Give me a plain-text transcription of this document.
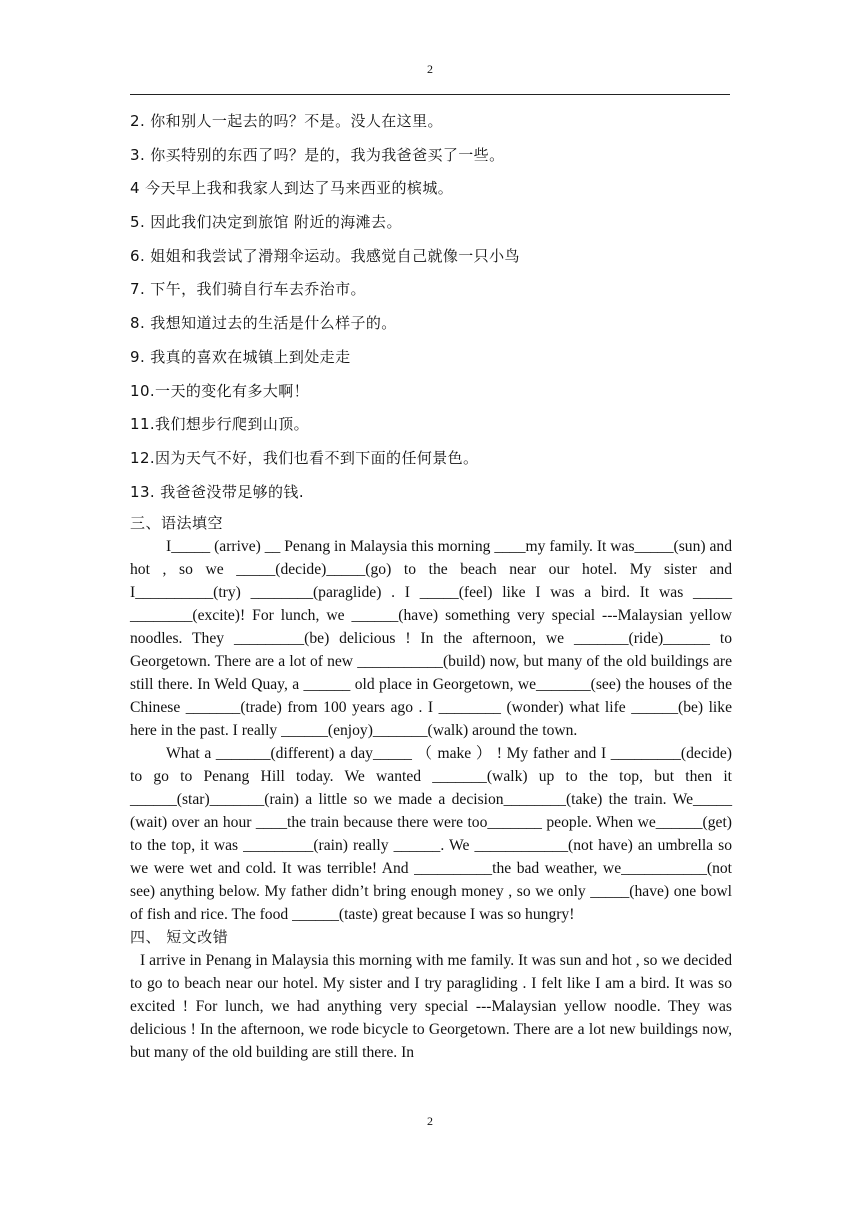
2
2. 你和别人一起去的吗？不是。没人在这里。
3. 你买特别的东西了吗？是的，我为我爸爸买了一些。
4 今天早上我和我家人到达了马来西亚的槟城。
5. 因此我们决定到旅馆 附近的海滩去。
6. 姐姐和我尝试了滑翔伞运动。我感觉自己就像一只小鸟
7. 下午，我们骑自行车去乔治市。
8. 我想知道过去的生活是什么样子的。
9. 我真的喜欢在城镇上到处走走
10.一天的变化有多大啊！
11.我们想步行爬到山顶。
12.因为天气不好，我们也看不到下面的任何景色。
13. 我爸爸没带足够的钱.
三、语法填空

I_____ (arrive) __ Penang in Malaysia this morning ____my family. It was_____(sun) and hot , so we _____(decide)_____(go) to the beach near our hotel. My sister and I__________(try) ________(paraglide) . I _____(feel) like I was a bird. It was _____ ________(excite)! For lunch, we ______(have) something very special ---Malaysian yellow noodles. They _________(be) delicious ! In the afternoon, we _______(ride)______ to Georgetown. There are a lot of new ___________(build) now, but many of the old buildings are still there. In Weld Quay, a ______ old place in Georgetown, we_______(see) the houses of the Chinese _______(trade) from 100 years ago . I ________ (wonder) what life ______(be) like here in the past. I really ______(enjoy)_______(walk) around the town.

What a _______(different) a day_____ （ make ） ! My father and I _________(decide) to go to Penang Hill today. We wanted _______(walk) up to the top, but then it ______(star)_______(rain) a little so we made a decision________(take) the train. We_____ (wait) over an hour ____the train because there were too_______ people. When we______(get) to the top, it was _________(rain) really ______. We ____________(not have) an umbrella so we were wet and cold. It was terrible! And __________the bad weather, we___________(not see) anything below. My father didn’t bring enough money , so we only _____(have) one bowl of fish and rice. The food ______(taste) great because I was so hungry!

四、 短文改错

I arrive in Penang in Malaysia this morning with me family. It was sun and hot , so we decided to go to beach near our hotel. My sister and I try paragliding . I felt like I am a bird. It was so excited ! For lunch, we had anything very special ---Malaysian yellow noodle. They was delicious ! In the afternoon, we rode bicycle to Georgetown. There are a lot new buildings now, but many of the old building are still there. In

2
